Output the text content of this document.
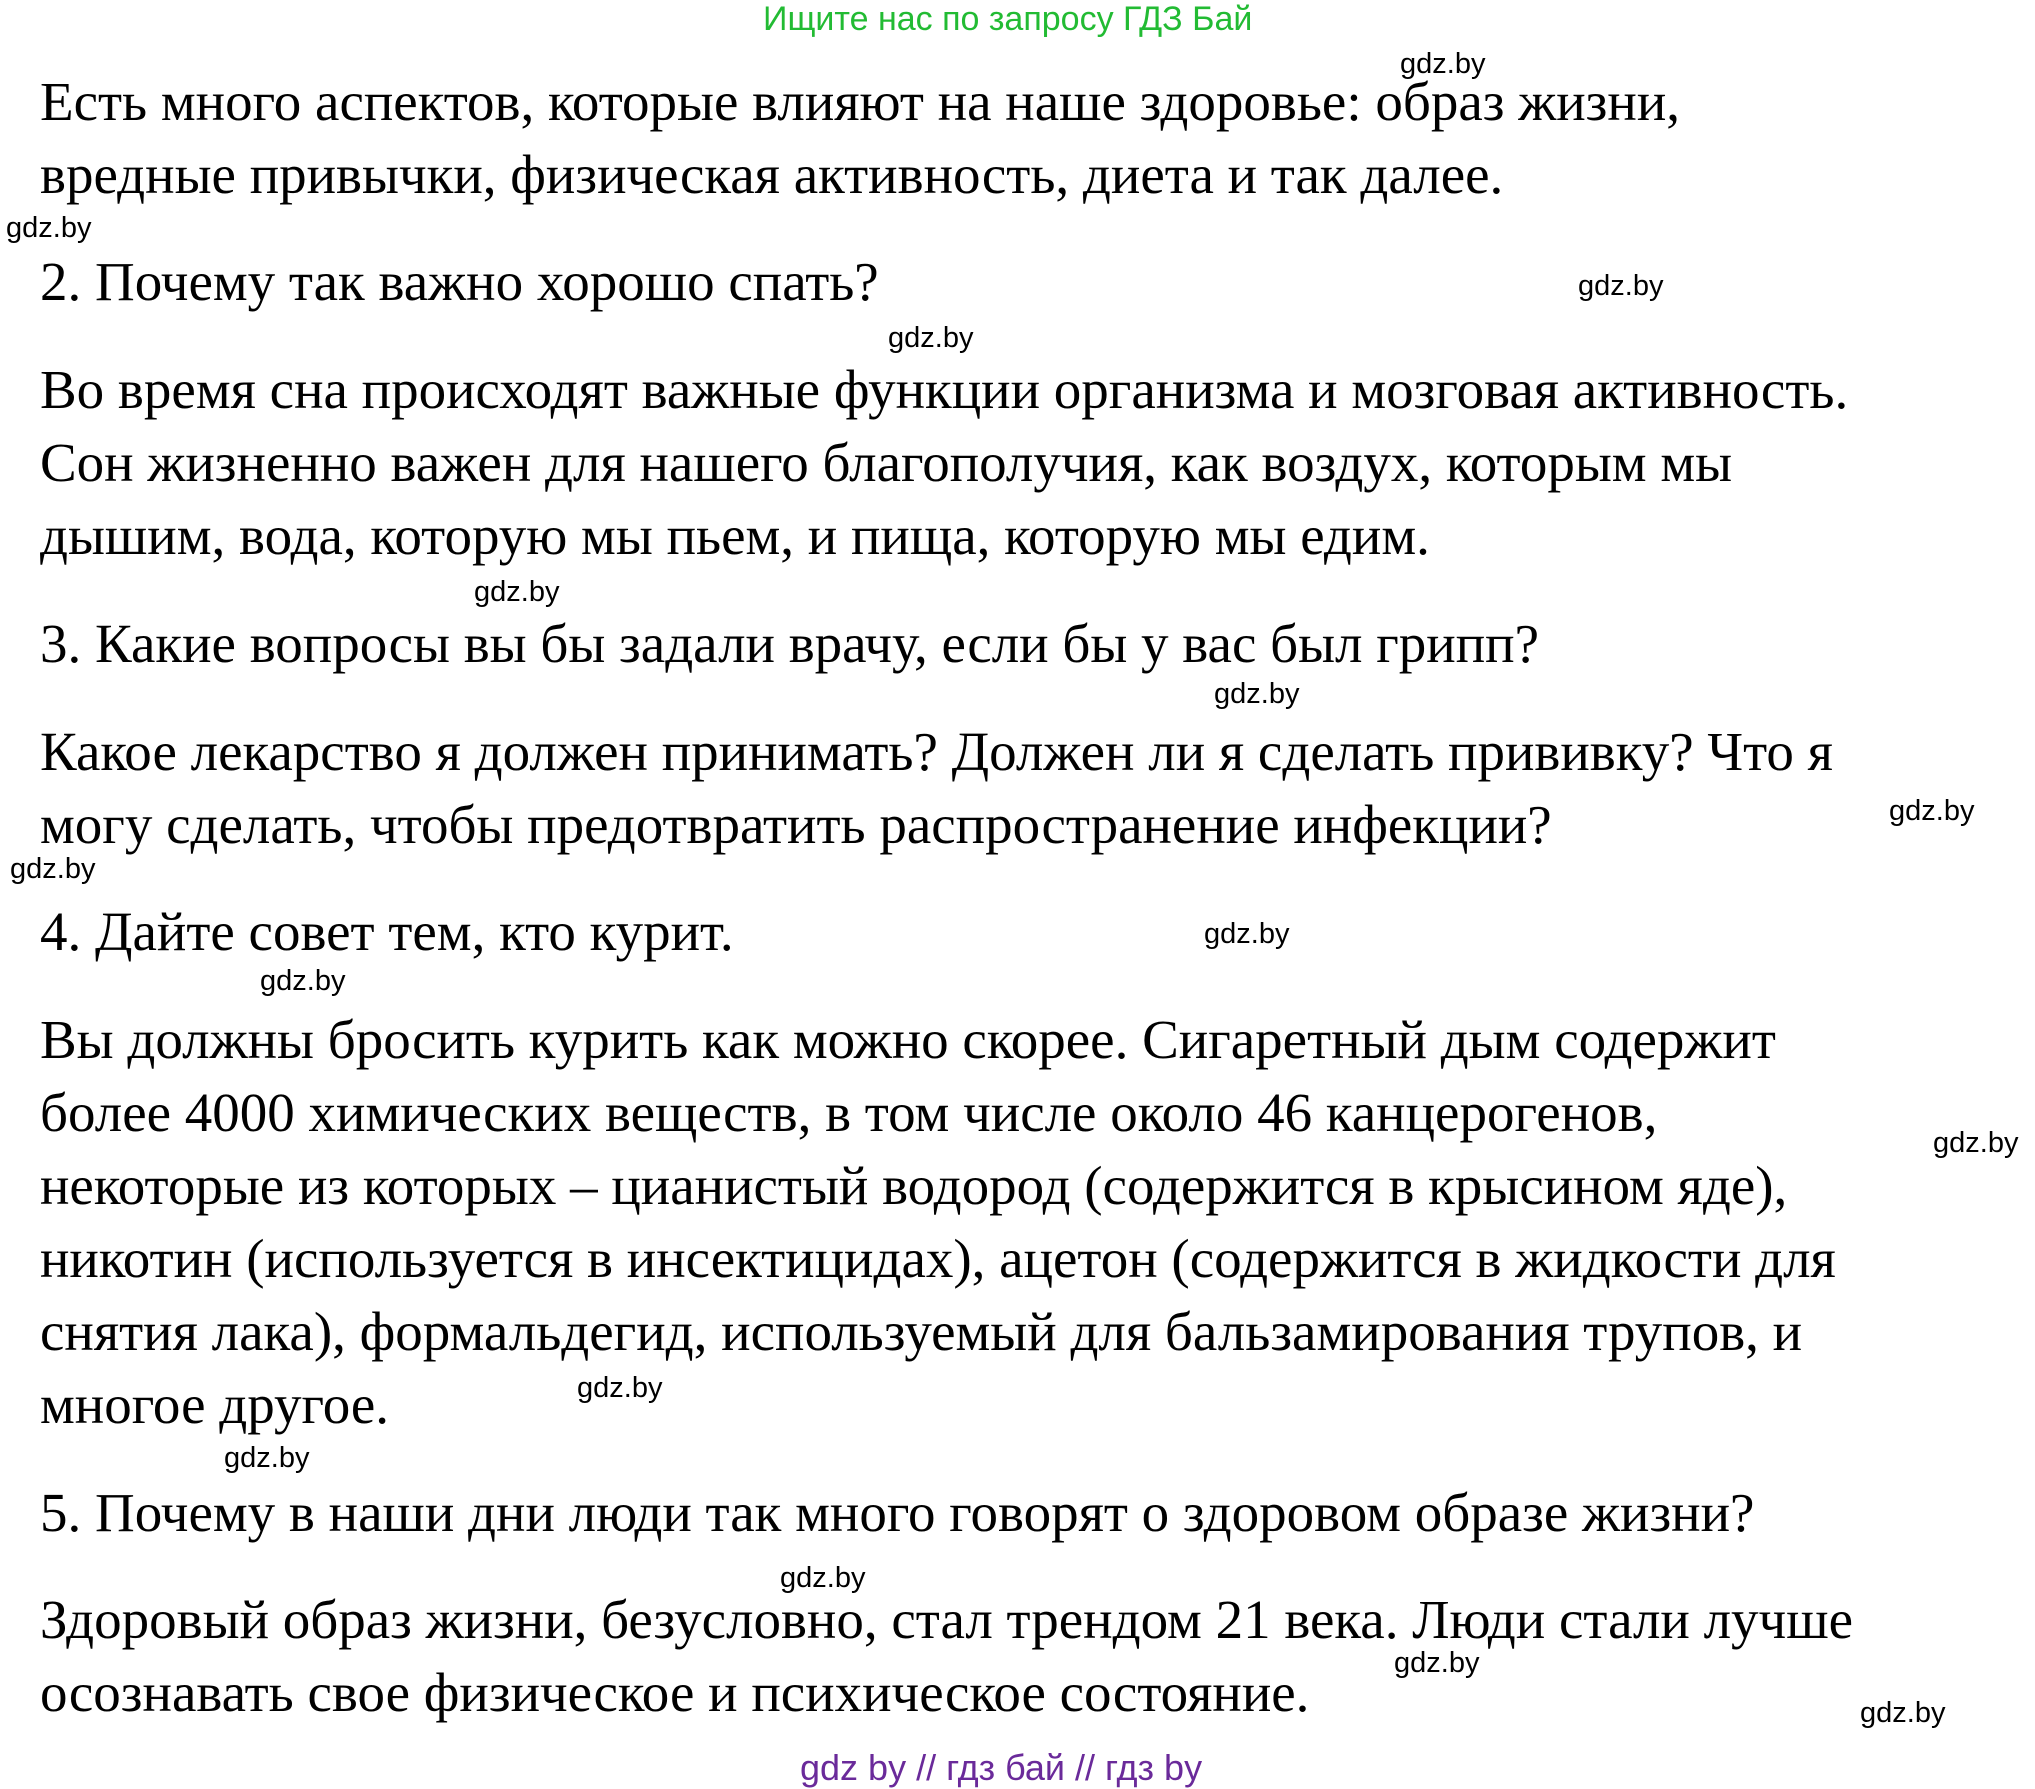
Ищите нас по запросу ГДЗ Бай
Есть много аспектов, которые влияют на наше здоровье: образ жизни,
вредные привычки, физическая активность, диета и так далее.
2. Почему так важно хорошо спать?
Во время сна происходят важные функции организма и мозговая активность.
Сон жизненно важен для нашего благополучия, как воздух, которым мы
дышим, вода, которую мы пьем, и пища, которую мы едим.
3. Какие вопросы вы бы задали врачу, если бы у вас был грипп?
Какое лекарство я должен принимать? Должен ли я сделать прививку? Что я
могу сделать, чтобы предотвратить распространение инфекции?
4. Дайте совет тем, кто курит.
Вы должны бросить курить как можно скорее. Сигаретный дым содержит
более 4000 химических веществ, в том числе около 46 канцерогенов,
некоторые из которых – цианистый водород (содержится в крысином яде),
никотин (используется в инсектицидах), ацетон (содержится в жидкости для
снятия лака), формальдегид, используемый для бальзамирования трупов, и
многое другое.
5. Почему в наши дни люди так много говорят о здоровом образе жизни?
Здоровый образ жизни, безусловно, стал трендом 21 века. Люди стали лучше
осознавать свое физическое и психическое состояние.
gdz.by
gdz.by
gdz.by
gdz.by
gdz.by
gdz.by
gdz.by
gdz.by
gdz.by
gdz.by
gdz.by
gdz.by
gdz.by
gdz.by
gdz.by
gdz.by
gdz by // гдз бай // гдз by
